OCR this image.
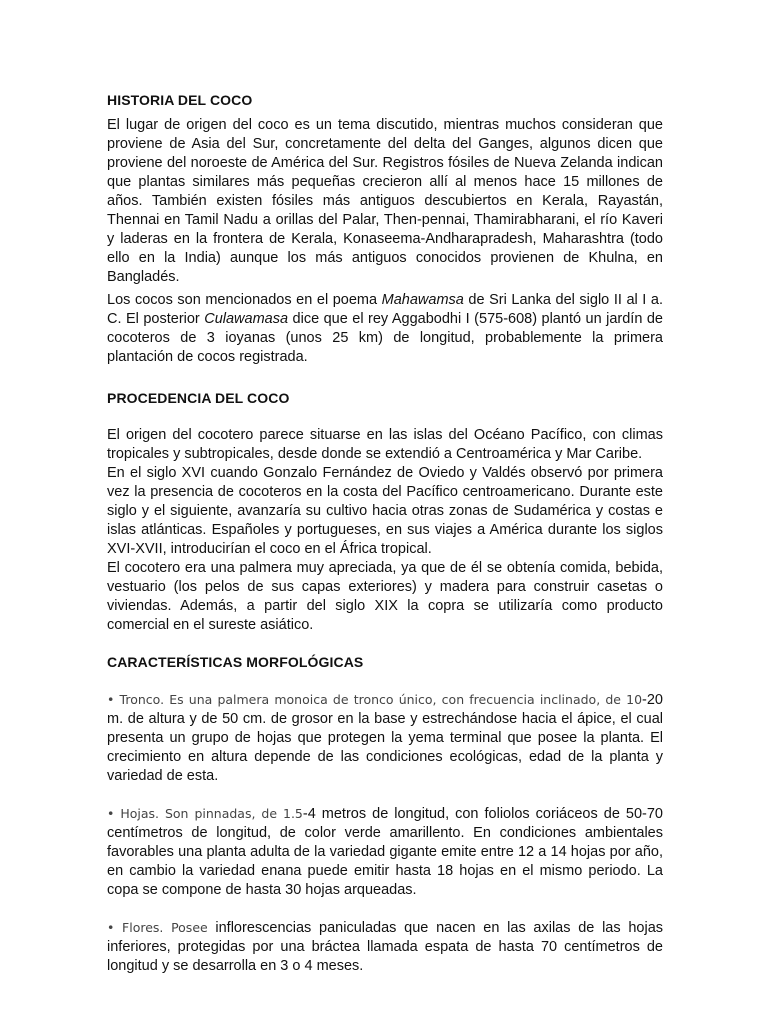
HISTORIA DEL COCO

El lugar de origen del coco es un tema discutido, mientras muchos consideran que proviene de Asia del Sur, concretamente del delta del Ganges, algunos dicen que proviene del noroeste de América del Sur. Registros fósiles de Nueva Zelanda indican que plantas similares más pequeñas crecieron allí al menos hace 15 millones de años. También existen fósiles más antiguos descubiertos en Kerala, Rayastán, Thennai en Tamil Nadu a orillas del Palar, Then-pennai, Thamirabharani, el río Kaveri y laderas en la frontera de Kerala, Konaseema-Andharapradesh, Maharashtra (todo ello en la India) aunque los más antiguos conocidos provienen de Khulna, en Bangladés.

Los cocos son mencionados en el poema Mahawamsa de Sri Lanka del siglo II al I a. C. El posterior Culawamasa dice que el rey Aggabodhi I (575-608) plantó un jardín de cocoteros de 3 ioyanas (unos 25 km) de longitud, probablemente la primera plantación de cocos registrada.

PROCEDENCIA DEL COCO

El origen del cocotero parece situarse en las islas del Océano Pacífico, con climas tropicales y subtropicales, desde donde se extendió a Centroamérica y Mar Caribe.

En el siglo XVI cuando Gonzalo Fernández de Oviedo y Valdés observó por primera vez la presencia de cocoteros en la costa del Pacífico centroamericano. Durante este siglo y el siguiente, avanzaría su cultivo hacia otras zonas de Sudamérica y costas e islas atlánticas. Españoles y portugueses, en sus viajes a América durante los siglos XVI-XVII, introducirían el coco en el África tropical.

El cocotero era una palmera muy apreciada, ya que de él se obtenía comida, bebida, vestuario (los pelos de sus capas exteriores) y madera para construir casetas o viviendas. Además, a partir del siglo XIX la copra se utilizaría como producto comercial en el sureste asiático.

CARACTERÍSTICAS MORFOLÓGICAS

• Tronco. Es una palmera monoica de tronco único, con frecuencia inclinado, de 10-20 m. de altura y de 50 cm. de grosor en la base y estrechándose hacia el ápice, el cual presenta un grupo de hojas que protegen la yema terminal que posee la planta. El crecimiento en altura depende de las condiciones ecológicas, edad de la planta y variedad de esta.

• Hojas. Son pinnadas, de 1.5-4 metros de longitud, con foliolos coriáceos de 50-70 centímetros de longitud, de color verde amarillento. En condiciones ambientales favorables una planta adulta de la variedad gigante emite entre 12 a 14 hojas por año, en cambio la variedad enana puede emitir hasta 18 hojas en el mismo periodo. La copa se compone de hasta 30 hojas arqueadas.

• Flores. Posee inflorescencias paniculadas que nacen en las axilas de las hojas inferiores, protegidas por una bráctea llamada espata de hasta 70 centímetros de longitud y se desarrolla en 3 o 4 meses.
